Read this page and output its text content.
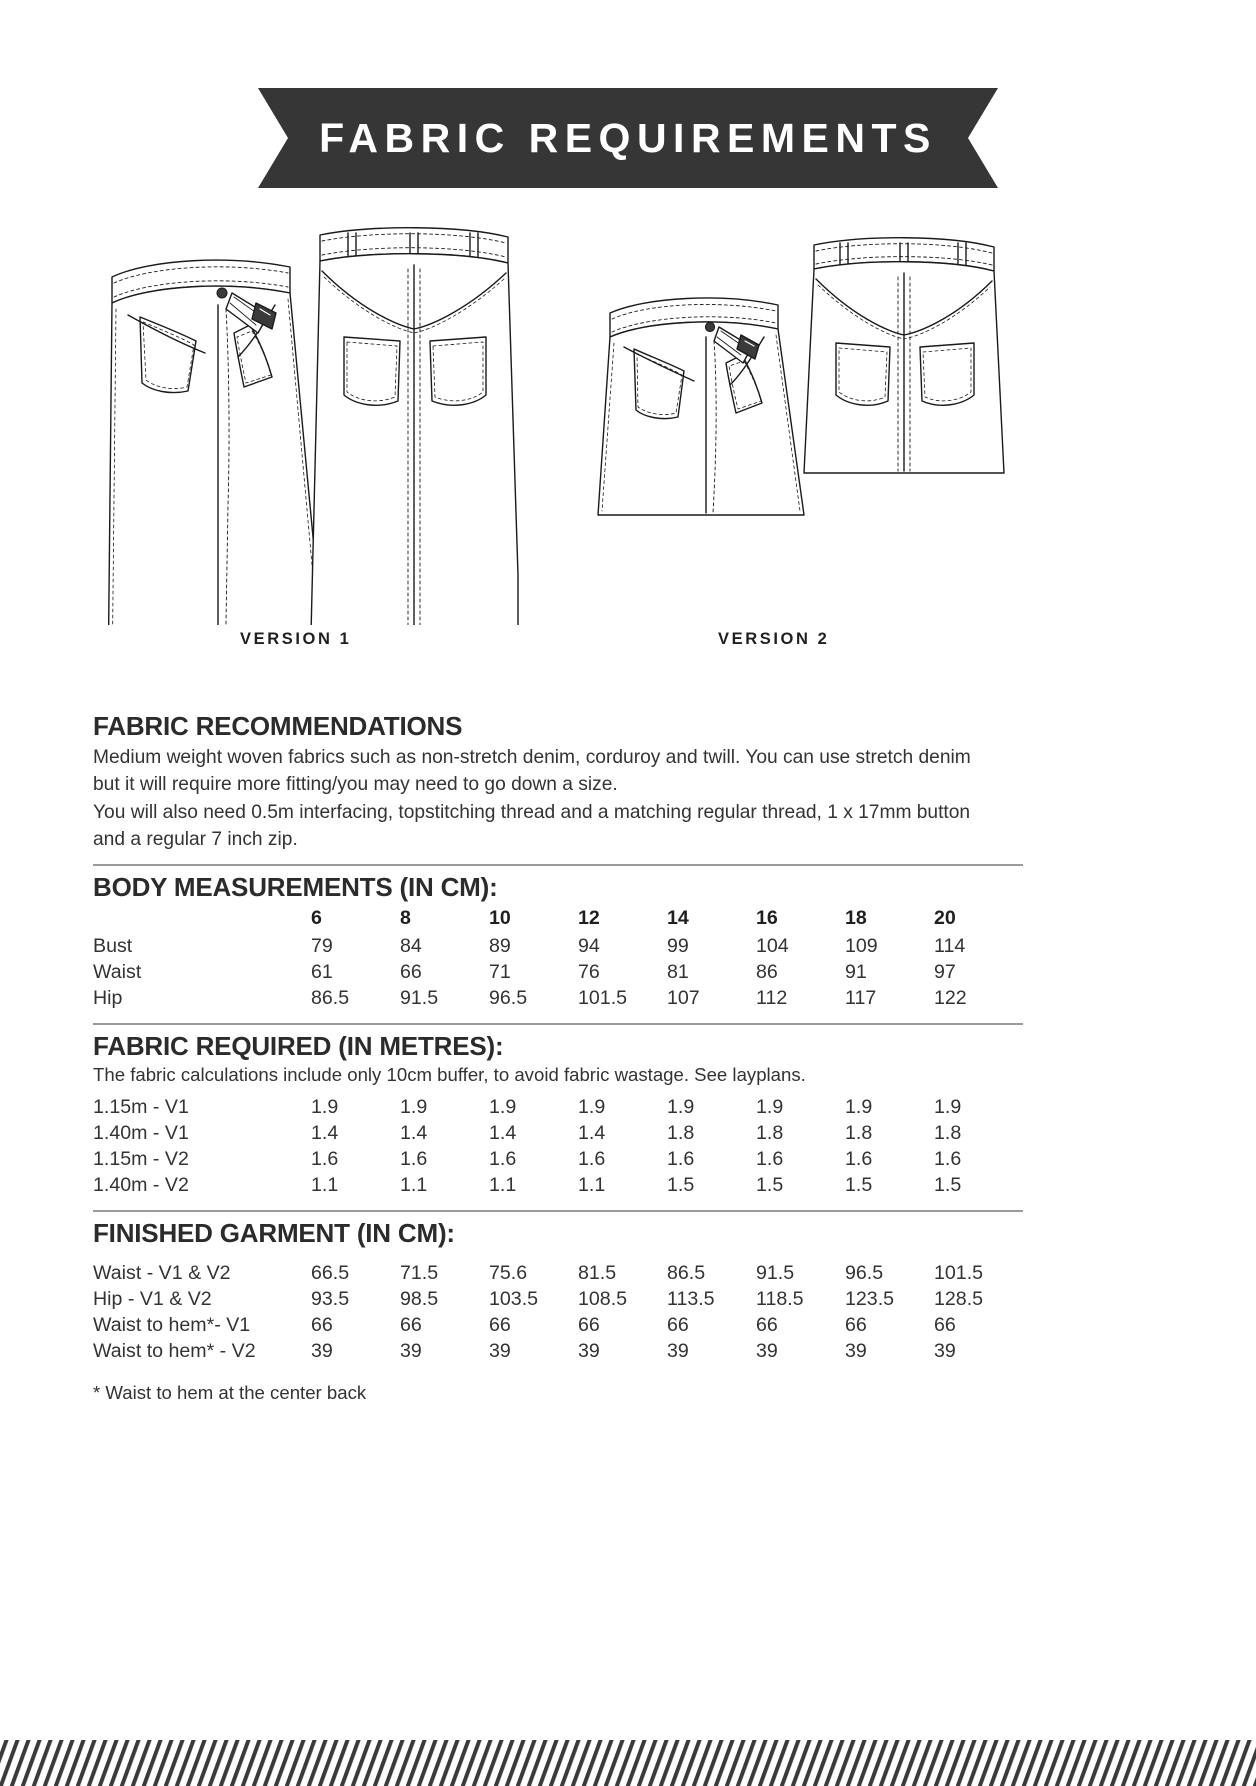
FABRIC REQUIREMENTS
VERSION 1	VERSION 2
FABRIC RECOMMENDATIONS

Medium weight woven fabrics such as non-stretch denim, corduroy and twill. You can use stretch denim

but it will require more fitting/you may need to go down a size.

You will also need 0.5m interfacing, topstitching thread and a matching regular thread, 1 x 17mm button

and a regular 7 inch zip.

BODY MEASUREMENTS (IN CM):
	6	8	10	12	14	16	18	20
Bust	79	84	89	94	99	104	109	114
Waist	61	66	71	76	81	86	91	97
Hip	86.5	91.5	96.5	101.5	107	112	117	122
FABRIC REQUIRED (IN METRES):

The fabric calculations include only 10cm buffer, to avoid fabric wastage. See layplans.

1.15m - V1	1.9	1.9	1.9	1.9	1.9	1.9	1.9	1.9
1.40m - V1	1.4	1.4	1.4	1.4	1.8	1.8	1.8	1.8
1.15m - V2	1.6	1.6	1.6	1.6	1.6	1.6	1.6	1.6
1.40m - V2	1.1	1.1	1.1	1.1	1.5	1.5	1.5	1.5
FINISHED GARMENT (IN CM):
Waist - V1 & V2	66.5	71.5	75.6	81.5	86.5	91.5	96.5	101.5
Hip - V1 & V2	93.5	98.5	103.5	108.5	113.5	118.5	123.5	128.5
Waist to hem*- V1	66	66	66	66	66	66	66	66
Waist to hem* - V2	39	39	39	39	39	39	39	39

* Waist to hem at the center back
